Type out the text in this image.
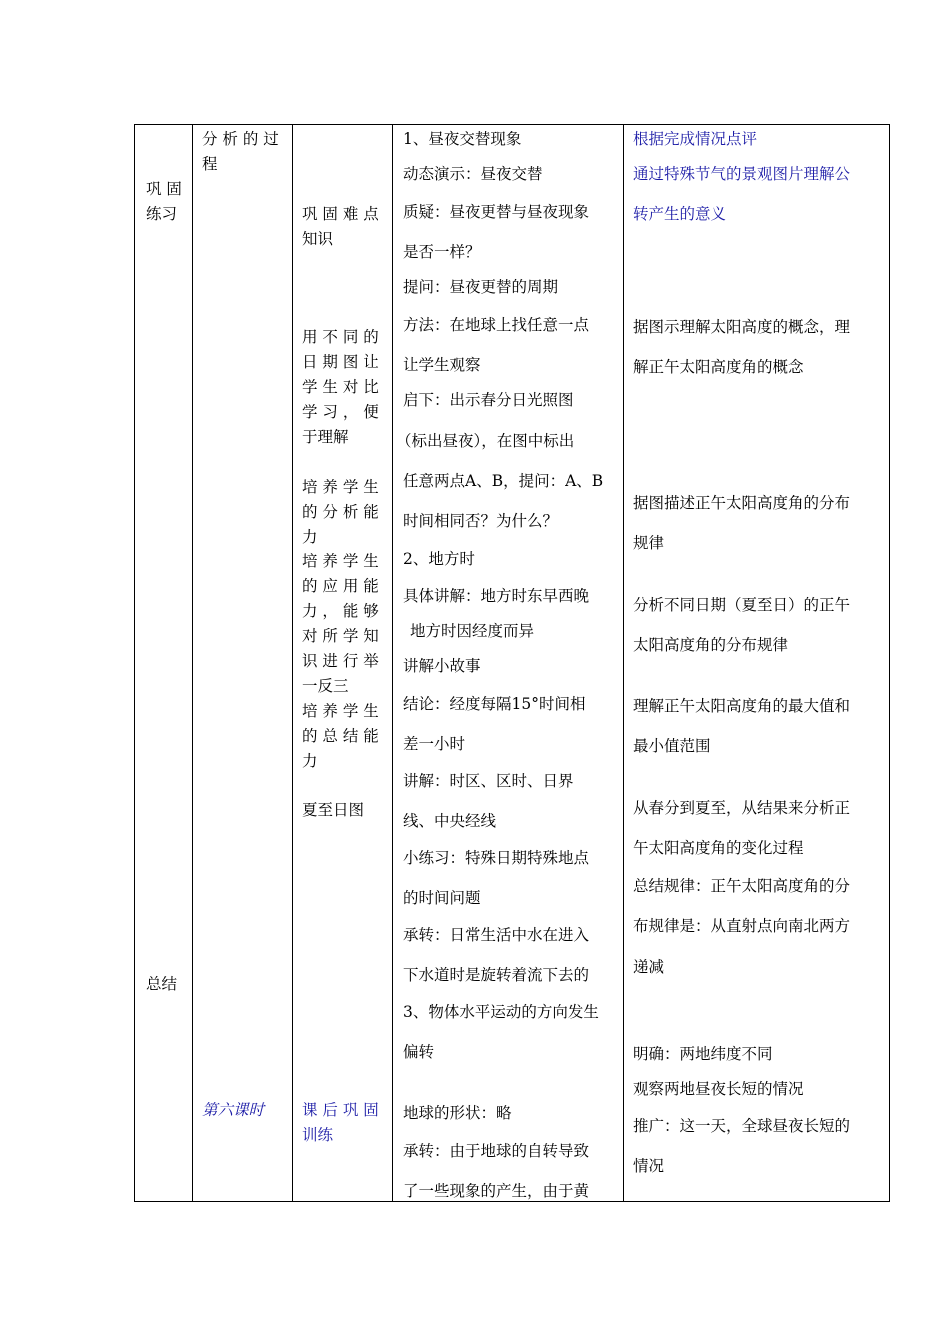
巩 固
练习
总结
分 析 的 过
程
第六课时
巩 固 难 点
知识
用 不 同 的
日 期 图 让
学 生 对 比
学 习 ， 便
于理解
培 养 学 生
的 分 析 能
力
培 养 学 生
的 应 用 能
力 ， 能 够
对 所 学 知
识 进 行 举
一反三
培 养 学 生
的 总 结 能
力
夏至日图
课 后 巩 固
训练
1、昼夜交替现象
动态演示：昼夜交替
质疑：昼夜更替与昼夜现象
是否一样？
提问：昼夜更替的周期
方法：在地球上找任意一点
让学生观察
启下：出示春分日光照图
（标出昼夜），在图中标出
任意两点A、B，提问：A、B
时间相同否？为什么？
2、地方时
具体讲解：地方时东早西晚
地方时因经度而异
讲解小故事
结论：经度每隔15°时间相
差一小时
讲解：时区、区时、日界
线、中央经线
小练习：特殊日期特殊地点
的时间问题
承转：日常生活中水在进入
下水道时是旋转着流下去的
3、物体水平运动的方向发生
偏转
地球的形状：略
承转：由于地球的自转导致
了一些现象的产生，由于黄
根据完成情况点评
通过特殊节气的景观图片理解公
转产生的意义
据图示理解太阳高度的概念，理
解正午太阳高度角的概念
据图描述正午太阳高度角的分布
规律
分析不同日期（夏至日）的正午
太阳高度角的分布规律
理解正午太阳高度角的最大值和
最小值范围
从春分到夏至，从结果来分析正
午太阳高度角的变化过程
总结规律：正午太阳高度角的分
布规律是：从直射点向南北两方
递减
明确：两地纬度不同
观察两地昼夜长短的情况
推广：这一天，全球昼夜长短的
情况
